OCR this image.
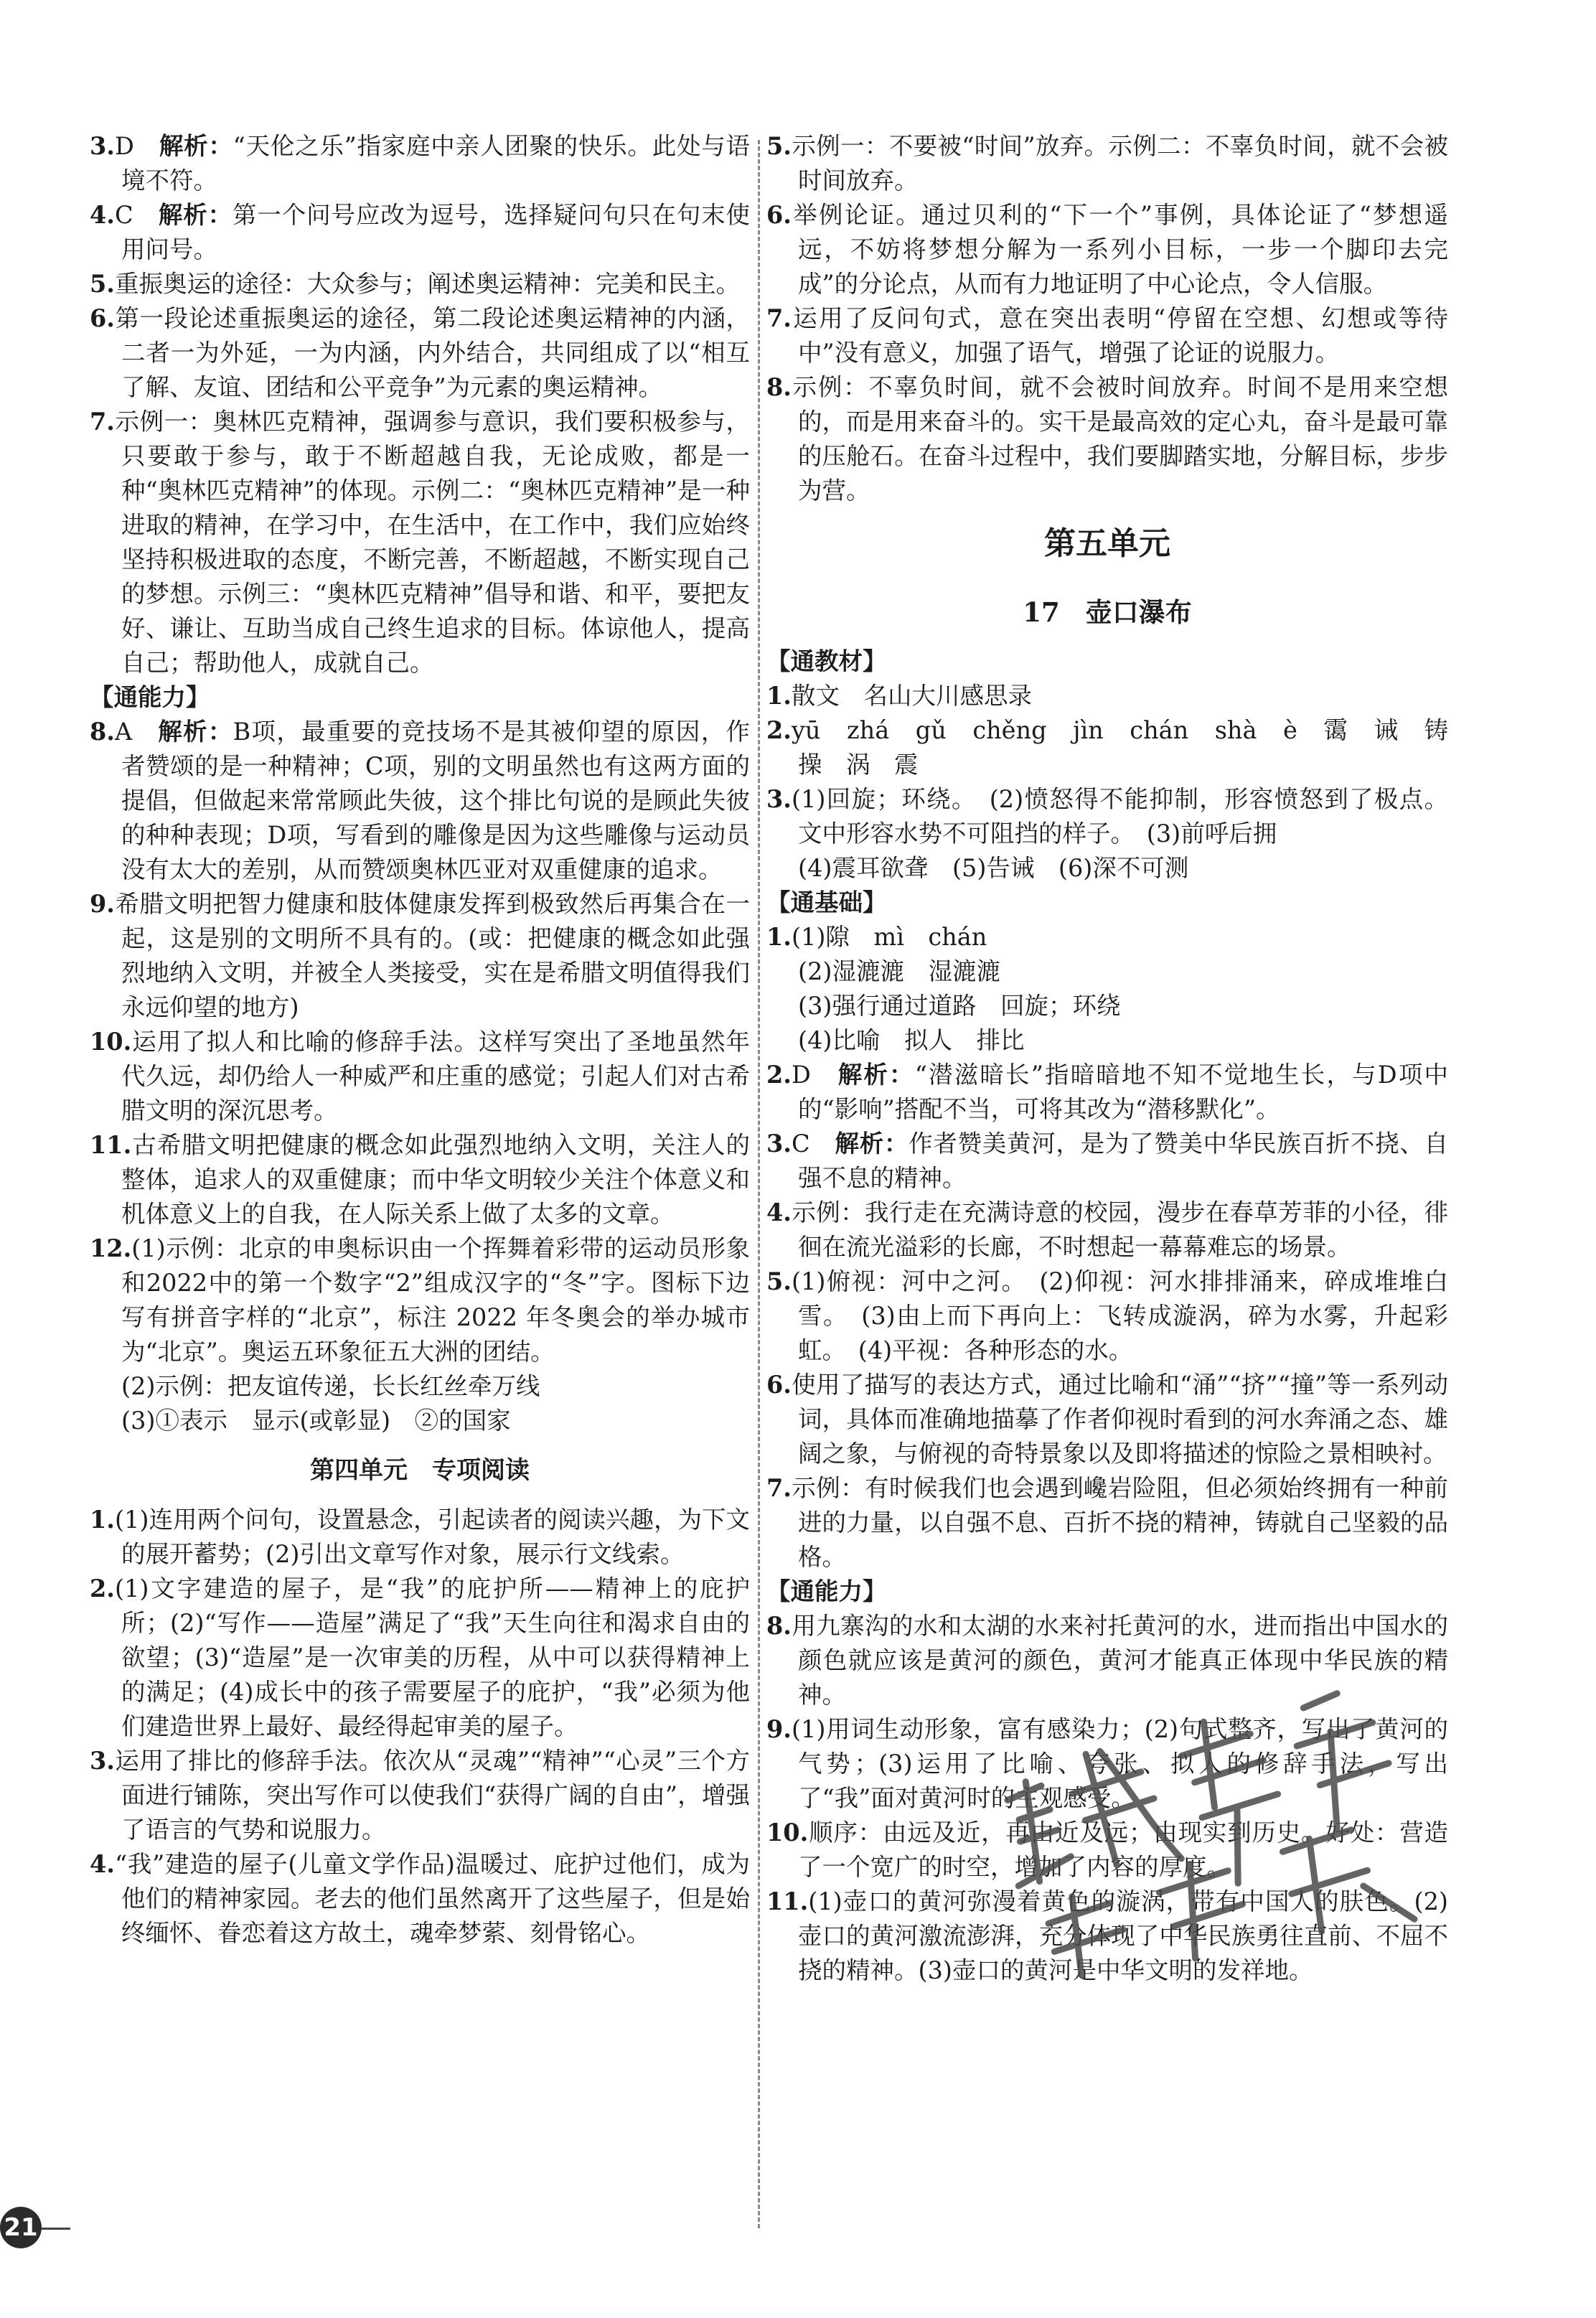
3.D　解析：“天伦之乐”指家庭中亲人团聚的快乐。此处与语境不符。

4.C　解析：第一个问号应改为逗号，选择疑问句只在句末使用问号。

5.重振奥运的途径：大众参与；阐述奥运精神：完美和民主。

6.第一段论述重振奥运的途径，第二段论述奥运精神的内涵，二者一为外延，一为内涵，内外结合，共同组成了以“相互了解、友谊、团结和公平竞争”为元素的奥运精神。

7.示例一：奥林匹克精神，强调参与意识，我们要积极参与，只要敢于参与，敢于不断超越自我，无论成败，都是一种“奥林匹克精神”的体现。示例二：“奥林匹克精神”是一种进取的精神，在学习中，在生活中，在工作中，我们应始终坚持积极进取的态度，不断完善，不断超越，不断实现自己的梦想。示例三：“奥林匹克精神”倡导和谐、和平，要把友好、谦让、互助当成自己终生追求的目标。体谅他人，提高自己；帮助他人，成就自己。

【通能力】

8.A　解析：B项，最重要的竞技场不是其被仰望的原因，作者赞颂的是一种精神；C项，别的文明虽然也有这两方面的提倡，但做起来常常顾此失彼，这个排比句说的是顾此失彼的种种表现；D项，写看到的雕像是因为这些雕像与运动员没有太大的差别，从而赞颂奥林匹亚对双重健康的追求。

9.希腊文明把智力健康和肢体健康发挥到极致然后再集合在一起，这是别的文明所不具有的。(或：把健康的概念如此强烈地纳入文明，并被全人类接受，实在是希腊文明值得我们永远仰望的地方)

10.运用了拟人和比喻的修辞手法。这样写突出了圣地虽然年代久远，却仍给人一种威严和庄重的感觉；引起人们对古希腊文明的深沉思考。

11.古希腊文明把健康的概念如此强烈地纳入文明，关注人的整体，追求人的双重健康；而中华文明较少关注个体意义和机体意义上的自我，在人际关系上做了太多的文章。

12.(1)示例：北京的申奥标识由一个挥舞着彩带的运动员形象和2022中的第一个数字“2”组成汉字的“冬”字。图标下边写有拼音字样的“北京”，标注 2022 年冬奥会的举办城市为“北京”。奥运五环象征五大洲的团结。

(2)示例：把友谊传递，长长红丝牵万线

(3)①表示　显示(或彰显)　②的国家

第四单元　专项阅读

1.(1)连用两个问句，设置悬念，引起读者的阅读兴趣，为下文的展开蓄势；(2)引出文章写作对象，展示行文线索。

2.(1)文字建造的屋子，是“我”的庇护所——精神上的庇护所；(2)“写作——造屋”满足了“我”天生向往和渴求自由的欲望；(3)“造屋”是一次审美的历程，从中可以获得精神上的满足；(4)成长中的孩子需要屋子的庇护，“我”必须为他们建造世界上最好、最经得起审美的屋子。

3.运用了排比的修辞手法。依次从“灵魂”“精神”“心灵”三个方面进行铺陈，突出写作可以使我们“获得广阔的自由”，增强了语言的气势和说服力。

4.“我”建造的屋子(儿童文学作品)温暖过、庇护过他们，成为他们的精神家园。老去的他们虽然离开了这些屋子，但是始终缅怀、眷恋着这方故土，魂牵梦萦、刻骨铭心。

5.示例一：不要被“时间”放弃。示例二：不辜负时间，就不会被时间放弃。

6.举例论证。通过贝利的“下一个”事例，具体论证了“梦想遥远，不妨将梦想分解为一系列小目标，一步一个脚印去完成”的分论点，从而有力地证明了中心论点，令人信服。

7.运用了反问句式，意在突出表明“停留在空想、幻想或等待中”没有意义，加强了语气，增强了论证的说服力。

8.示例：不辜负时间，就不会被时间放弃。时间不是用来空想的，而是用来奋斗的。实干是最高效的定心丸，奋斗是最可靠的压舱石。在奋斗过程中，我们要脚踏实地，分解目标，步步为营。

第五单元

17 壶口瀑布

【通教材】

1.散文　名山大川感思录

2.yū　zhá　gǔ　chěng　jìn　chán　shà　è　霭　诫　铸　操　涡　震

3.(1)回旋；环绕。　(2)愤怒得不能抑制，形容愤怒到了极点。文中形容水势不可阻挡的样子。　(3)前呼后拥

(4)震耳欲聋　(5)告诫　(6)深不可测

【通基础】

1.(1)隙　mì　chán

(2)湿漉漉　湿漉漉

(3)强行通过道路　回旋；环绕

(4)比喻　拟人　排比

2.D　解析：“潜滋暗长”指暗暗地不知不觉地生长，与D项中的“影响”搭配不当，可将其改为“潜移默化”。

3.C　解析：作者赞美黄河，是为了赞美中华民族百折不挠、自强不息的精神。

4.示例：我行走在充满诗意的校园，漫步在春草芳菲的小径，徘徊在流光溢彩的长廊，不时想起一幕幕难忘的场景。

5.(1)俯视：河中之河。　(2)仰视：河水排排涌来，碎成堆堆白雪。　(3)由上而下再向上：飞转成漩涡，碎为水雾，升起彩虹。　(4)平视：各种形态的水。

6.使用了描写的表达方式，通过比喻和“涌”“挤”“撞”等一系列动词，具体而准确地描摹了作者仰视时看到的河水奔涌之态、雄阔之象，与俯视的奇特景象以及即将描述的惊险之景相映衬。

7.示例：有时候我们也会遇到巉岩险阻，但必须始终拥有一种前进的力量，以自强不息、百折不挠的精神，铸就自己坚毅的品格。

【通能力】

8.用九寨沟的水和太湖的水来衬托黄河的水，进而指出中国水的颜色就应该是黄河的颜色，黄河才能真正体现中华民族的精神。

9.(1)用词生动形象，富有感染力；(2)句式整齐，写出了黄河的气势；(3)运用了比喻、夸张、拟人的修辞手法，写出了“我”面对黄河时的主观感受。

10.顺序：由远及近，再由近及远；由现实到历史。好处：营造了一个宽广的时空，增加了内容的厚度。

11.(1)壶口的黄河弥漫着黄色的漩涡，带有中国人的肤色。(2)壶口的黄河激流澎湃，充分体现了中华民族勇往直前、不屈不挠的精神。(3)壶口的黄河是中华文明的发祥地。

21
